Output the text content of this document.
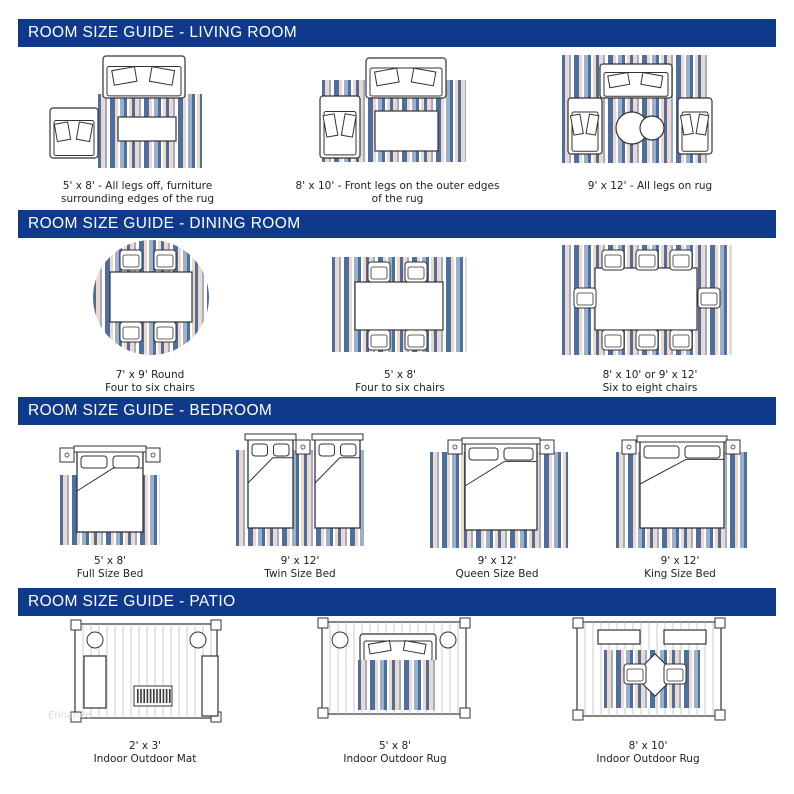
ROOM SIZE GUIDE - LIVING ROOM
ROOM SIZE GUIDE - DINING ROOM
ROOM SIZE GUIDE - BEDROOM
ROOM SIZE GUIDE - PATIO
5' x 8' - All legs off, furniture
surrounding edges of the rug
8' x 10' - Front legs on the outer edges
of the rug
9' x 12' - All legs on rug
7' x 9' Round
Four to six chairs
5' x 8'
Four to six chairs
8' x 10' or 9' x 12'
Six to eight chairs
5' x 8'
Full Size Bed
9' x 12'
Twin Size Bed
9' x 12'
Queen Size Bed
9' x 12'
King Size Bed
2' x 3'
Indoor Outdoor Mat
5' x 8'
Indoor Outdoor Rug
8' x 10'
Indoor Outdoor Rug
Enhance
